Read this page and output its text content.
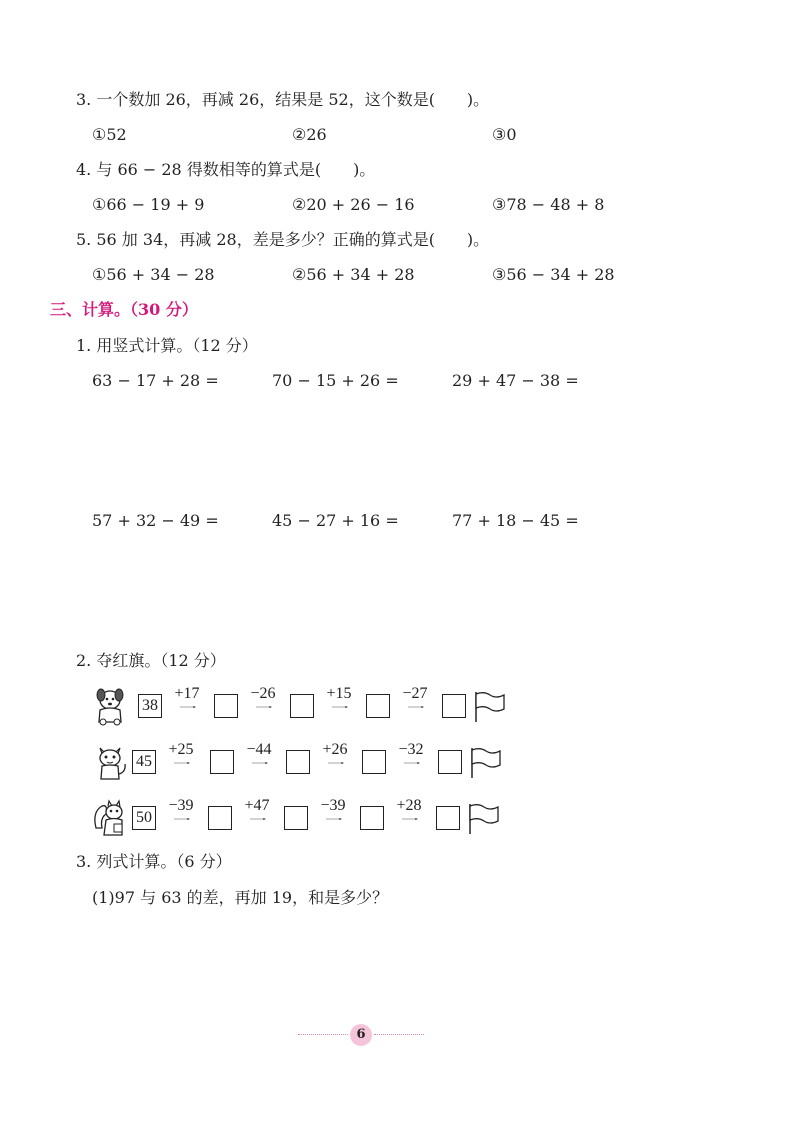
3. 一个数加 26，再减 26，结果是 52，这个数是(　　)。
①52	②26	③0
4. 与 66 − 28 得数相等的算式是(　　)。
①66 − 19 + 9	②20 + 26 − 16	③78 − 48 + 8
5. 56 加 34，再减 28，差是多少？正确的算式是(　　)。
①56 + 34 − 28	②56 + 34 + 28	③56 − 34 + 28
三、计算。（30 分）
1. 用竖式计算。（12 分）
63 − 17 + 28 =	70 − 15 + 26 =	29 + 47 − 38 =
57 + 32 − 49 =	45 − 27 + 16 =	77 + 18 − 45 =
2. 夺红旗。（12 分）
38
+17	−26	+15	−27
45
+25	−44	+26	−32
50
−39	+47	−39	+28
3. 列式计算。（6 分）
(1)97 与 63 的差，再加 19，和是多少？
6
